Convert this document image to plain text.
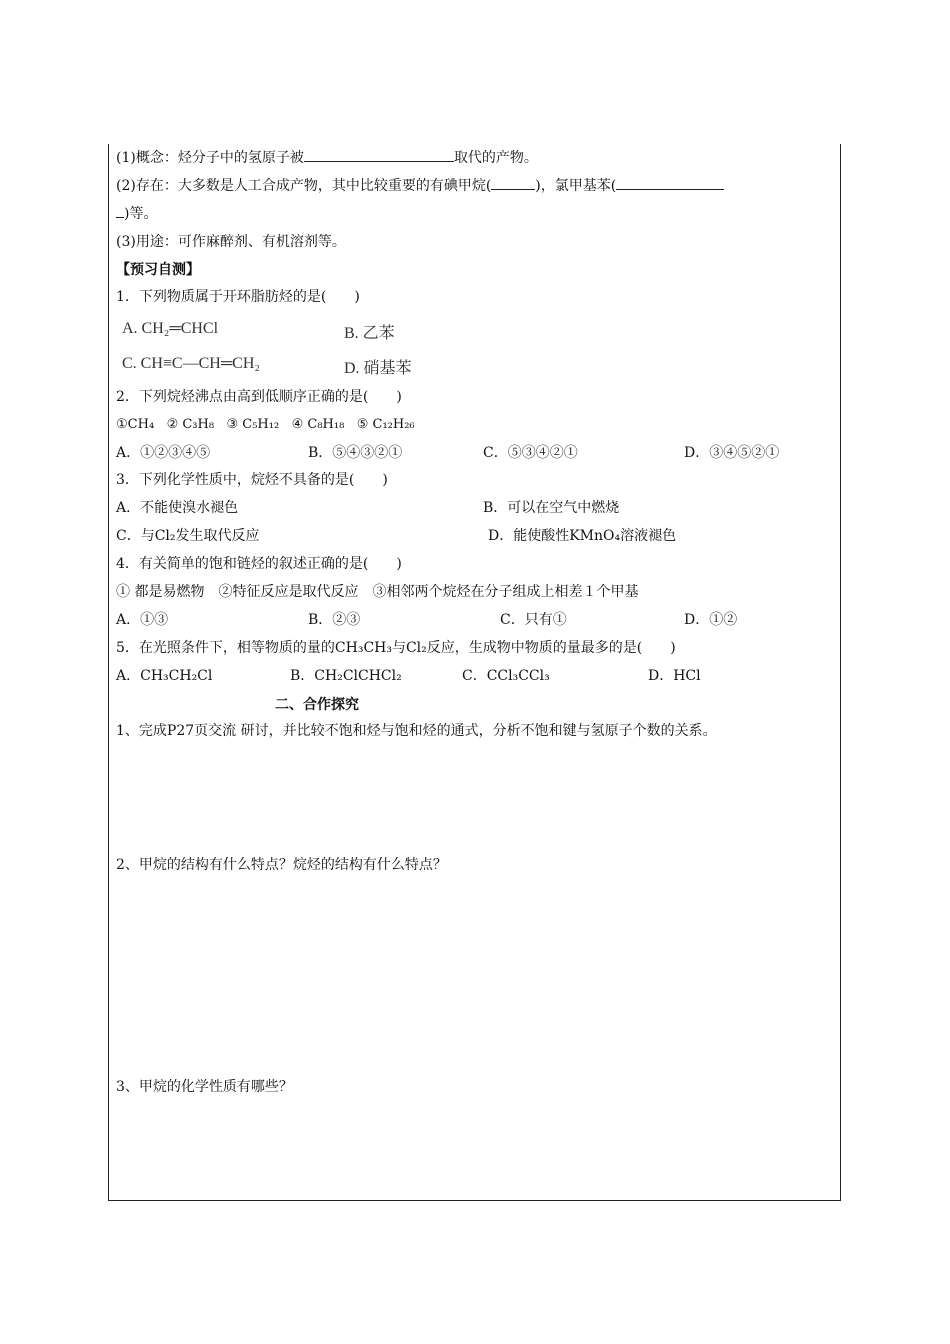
(1)概念：烃分子中的氢原子被	取代的产物。
(2)存在：大多数是人工合成产物，其中比较重要的有碘甲烷(	)，氯甲基苯(
)等。
(3)用途：可作麻醉剂、有机溶剂等。
【预习自测】
1．下列物质属于开环脂肪烃的是(　　)
A. CH₂═CHCl	B. 乙苯
C. CH≡C—CH═CH₂	D. 硝基苯
2．下列烷烃沸点由高到低顺序正确的是(　　)
①CH₄ ② C₃H₈ ③ C₅H₁₂ ④ C₈H₁₈ ⑤ C₁₂H₂₆
A．①②③④⑤	B．⑤④③②①	C．⑤③④②①	D．③④⑤②①
3．下列化学性质中，烷烃不具备的是(　　)
A．不能使溴水褪色	B．可以在空气中燃烧
C．与Cl₂发生取代反应	D．能使酸性KMnO₄溶液褪色
4．有关简单的饱和链烃的叙述正确的是(　　)
① 都是易燃物　②特征反应是取代反应　③相邻两个烷烃在分子组成上相差１个甲基
A．①③	B．②③	C．只有①	D．①②
5．在光照条件下，相等物质的量的CH₃CH₃与Cl₂反应，生成物中物质的量最多的是(　　)
A．CH₃CH₂Cl	B．CH₂ClCHCl₂	C．CCl₃CCl₃	D．HCl
二、合作探究
1、完成P27页交流 研讨，并比较不饱和烃与饱和烃的通式，分析不饱和键与氢原子个数的关系。
2、甲烷的结构有什么特点？烷烃的结构有什么特点？
3、甲烷的化学性质有哪些？
